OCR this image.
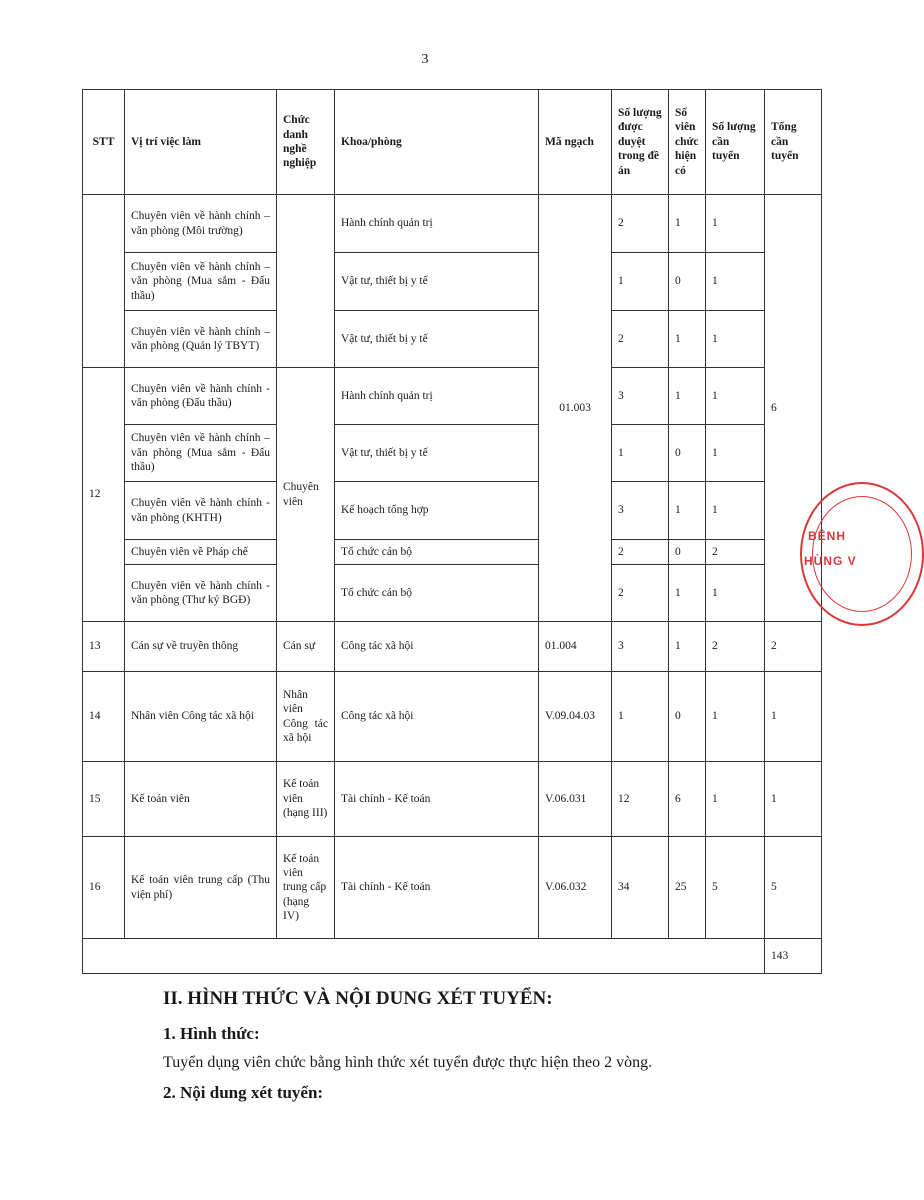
3
STT	Vị trí việc làm	Chức danh nghề nghiệp	Khoa/phòng	Mã ngạch	Số lượng được duyệt trong đề án	Số viên chức hiện có	Số lượng cần tuyển	Tổng cần tuyển
	Chuyên viên về hành chính – văn phòng (Môi trường)		Hành chính quản trị	01.003	2	1	1	6
	Chuyên viên về hành chính – văn phòng (Mua sắm - Đấu thầu)		Vật tư, thiết bị y tế		1	0	1	
	Chuyên viên về hành chính – văn phòng (Quản lý TBYT)		Vật tư, thiết bị y tế		2	1	1	
12	Chuyên viên về hành chính - văn phòng (Đấu thầu)	Chuyên viên	Hành chính quản trị		3	1	1	
	Chuyên viên về hành chính – văn phòng (Mua sắm - Đấu thầu)		Vật tư, thiết bị y tế		1	0	1	
	Chuyên viên về hành chính - văn phòng (KHTH)		Kế hoạch tổng hợp		3	1	1	
	Chuyên viên về Pháp chế		Tổ chức cán bộ		2	0	2	
	Chuyên viên về hành chính - văn phòng (Thư ký BGĐ)		Tổ chức cán bộ		2	1	1	
13	Cán sự về truyền thông	Cán sự	Công tác xã hội	01.004	3	1	2	2
14	Nhân viên Công tác xã hội	Nhân viên Công tác xã hội	Công tác xã hội	V.09.04.03	1	0	1	1
15	Kế toán viên	Kế toán viên (hạng III)	Tài chính - Kế toán	V.06.031	12	6	1	1
16	Kế toán viên trung cấp (Thu viện phí)	Kế toán viên trung cấp (hạng IV)	Tài chính - Kế toán	V.06.032	34	25	5	5
								143
BỆNH
HÙNG V
II. HÌNH THỨC VÀ NỘI DUNG XÉT TUYỂN:
1. Hình thức:
Tuyển dụng viên chức bằng hình thức xét tuyển được thực hiện theo 2 vòng.
2. Nội dung xét tuyển:
